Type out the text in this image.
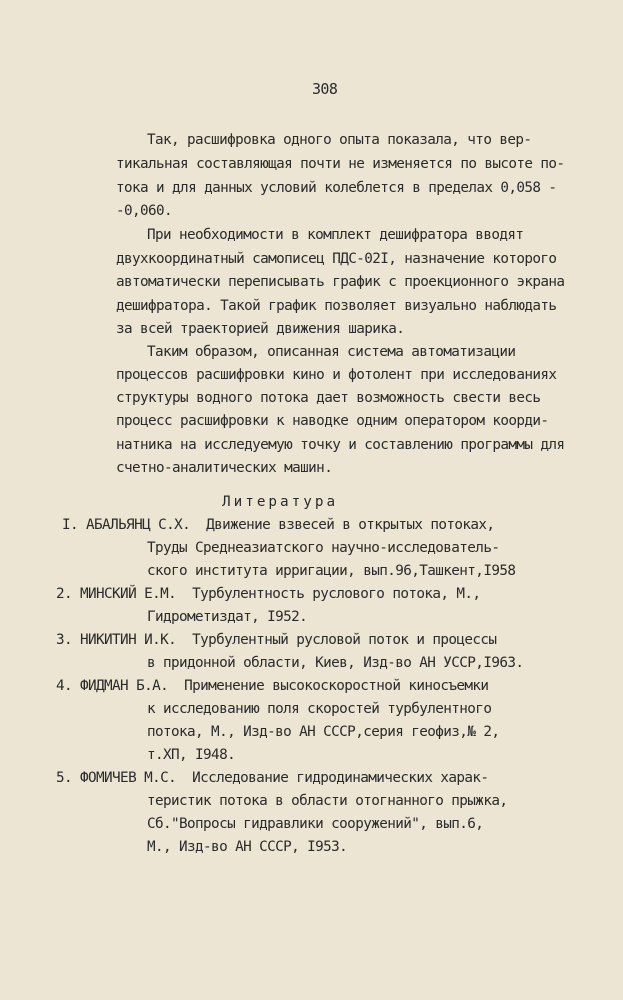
308
Так, расшифровка одного опыта показала, что вер-
тикальная составляющая почти не изменяется по высоте по-
тока и для данных условий колеблется в пределах 0,058 -
-0,060.
При необходимости в комплект дешифратора вводят
двухкоординатный самописец ПДС-02I, назначение которого
автоматически переписывать график с проекционного экрана
дешифратора. Такой график позволяет визуально наблюдать
за всей траекторией движения шарика.
Таким образом, описанная система автоматизации
процессов расшифровки кино и фотолент при исследованиях
структуры водного потока дает возможность свести весь
процесс расшифровки к наводке одним оператором коорди-
натника на исследуемую точку и составлению программы для
счетно-аналитических машин.
Литература
I. АБАЛЬЯНЦ С.Х.  Движение взвесей в открытых потоках,
Труды Среднеазиатского научно-исследователь-
ского института ирригации, вып.96,Ташкент,I958
2. МИНСКИЙ Е.М.  Турбулентность руслового потока, М.,
Гидрометиздат, I952.
3. НИКИТИН И.К.  Турбулентный русловой поток и процессы
в придонной области, Киев, Изд-во АН УССР,I963.
4. ФИДМАН Б.А.  Применение высокоскоростной киносъемки
к исследованию поля скоростей турбулентного
потока, М., Изд-во АН СССР,серия геофиз,№ 2,
т.ХП, I948.
5. ФОМИЧЕВ М.С.  Исследование гидродинамических харак-
теристик потока в области отогнанного прыжка,
Сб."Вопросы гидравлики сооружений", вып.6,
М., Изд-во АН СССР, I953.
